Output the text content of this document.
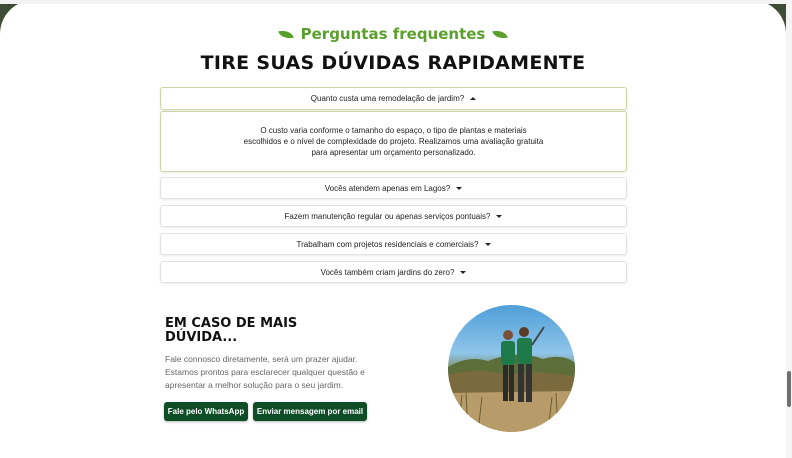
Perguntas frequentes
TIRE SUAS DÚVIDAS RAPIDAMENTE
Quanto custa uma remodelação de jardim?

O custo varia conforme o tamanho do espaço, o tipo de plantas e materiais escolhidos e o nível de complexidade do projeto. Realizamos uma avaliação gratuita para apresentar um orçamento personalizado.

Vocês atendem apenas em Lagos?
Fazem manutenção regular ou apenas serviços pontuais?
Trabalham com projetos residenciais e comerciais?
Vocês também criam jardins do zero?
EM CASO DE MAIS DÚVIDA...
Fale connosco diretamente, será um prazer ajudar. Estamos prontos para esclarecer qualquer questão e apresentar a melhor solução para o seu jardim.
Fale pelo WhatsApp	Enviar mensagem por email
